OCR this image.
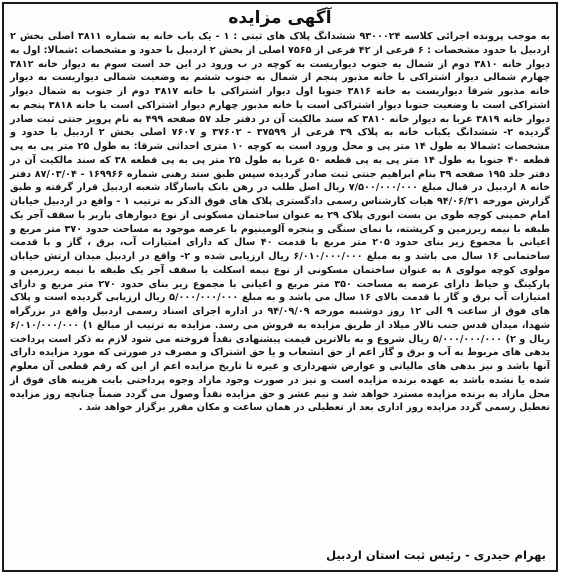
آگهی مزایده

به موجب پرونده اجرائی کلاسه ۹۳۰۰۰۲۴ ششدانگ پلاک های ثبتی : ۱ - یک باب خانه به شماره ۳۸۱۱ اصلی بخش ۲ اردبیل با حدود مشخصات : ۶ فرعی از ۴۲ فرعی از ۷۵۶۵ اصلی از بخش ۲ اردبیل با حدود و مشخصات :شمالا: اول به دیوار خانه ۳۸۱۰ دوم از شمال به جنوب دیواریست به کوچه در ب ورود در این حد است سوم به دیوار خانه ۳۸۱۲ چهارم شمالی دیوار اشتراکی با خانه مذبور پنجم از شمال به جنوب ششم به وضعیت شمالی دیواریست به دیوار خانه مذبور شرقا دیواریست به خانه ۳۸۱۶ جنوبا اول دیوار اشتراکی با خانه ۳۸۱۷ دوم از جنوب به شمال دیوار اشتراکی است با وضعیت جنوبا دیوار اشتراکی است با خانه مذبور چهارم دیوار اشتراکی است با خانه ۳۸۱۸ پنجم به دیوار خانه ۳۸۱۹ غربا به دیوار خانه ۳۸۱۰ که سند مالکیت آن در دفتر جلد ۵۷ صفحه ۴۹۹ به نام پرویز جنتی ثبت صادر گردیده ۲- ششدانگ یکباب خانه به پلاک ۳۹ فرعی از ۳۷۵۹۹ - ۳۷۶۰۲ و ۷۶۰۷ اصلی بخش ۲ اردبیل با حدود و مشخصات :شمالا به طول ۱۴ متر پی و محل ورود است به کوچه ۱۰ متری احداثی شرقا: به طول ۲۵ متر پی به پی قطعه ۴۰ جنوبا به طول ۱۴ متر پی به پی قطعه ۵۰ غربا به طول ۲۵ متر پی به پی قطعه ۳۸ که سند مالکیت آن در دفتر جلد ۱۹۵ صفحه ۳۹ بنام ابراهیم جنتی ثبت صادر گردیده سپس طبق سند رهنی شماره ۱۶۹۹۶۶ - ۸۷/۰۳/۰۴ دفتر خانه ۸ اردبیل در قبال مبلغ ۷/۵۰۰/۰۰۰/۰۰۰ ریال اصل طلب در رهن بانک پاسارگاد شعبه اردبیل قرار گرفته و طبق گزارش مورخه ۹۴/۰۶/۳۱ هیات کارشناس رسمی دادگستری پلاک های فوق الذکر به ترتیب ۱ - واقع در اردبیل خیابان امام خمینی کوچه طوی بن بست انوری پلاک ۲۹ به عنوان ساختمان مسکونی از نوع دیوارهای باربر با سقف آجر یک طبقه با نیمه زیرزمین و کرپشته، با نمای سنگی و پنجره آلومینیوم با عرصه موجود به مساحت حدود ۳۷۰ متر مربع و اعیانی با مجموع زیر بنای حدود ۲۰۵ متر مربع با قدمت ۴۰ سال که دارای امتیازات آب، برق ، گاز و با قدمت ساختمانی ۱۶ سال می باشد و به مبلغ ۶/۰۱۰/۰۰۰/۰۰۰ ریال ارزیابی شده و ۲- واقع در اردبیل میدان ارتش خیابان مولوی کوچه مولوی ۸ به عنوان ساختمان مسکونی از نوع نیمه اسکلت با سقف آجر یک طبقه با نیمه زیرزمین و پارکینگ و حیاط دارای عرصه به مساحت ۳۵۰ متر مربع و اعیانی با مجموع زیر بنای حدود ۲۷۰ متر مربع و دارای امتیازات آب برق و گاز با قدمت بالای ۱۶ سال می باشد و به مبلغ ۵/۰۰۰/۰۰۰/۰۰۰ ریال ارزیابی گردیده است و پلاک های فوق از ساعت ۹ الی ۱۲ روز دوشنبه مورخه ۹۴/۰۹/۰۹ در اداره اجرای اسناد رسمی اردبیل واقع در بزرگراه شهدا، میدان قدس جنب تالار میلاد از طریق مزایده به فروش می رسد. مزایده به ترتیب از مبالغ ۱) ۶/۰۱۰/۰۰۰/۰۰۰ ریال و ۲) ۵/۰۰۰/۰۰۰/۰۰۰ ریال شروع و به بالاترین قیمت پیشنهادی نقداً فروخته می شود لازم به ذکر است پرداخت بدهی های مربوط به آب و برق و گاز اعم از حق انشعاب و یا حق اشتراک و مصرف در صورتی که مورد مزایده دارای آنها باشد و نیز بدهی های مالیاتی و عوارض شهرداری و غیره تا تاریخ مزایده اعم از این که رقم قطعی آن معلوم شده یا نشده باشد به عهده برنده مزایده است و نیز در صورت وجود مازاد وجوه پرداختی بابت هزینه های فوق از محل مازاد به برنده مزایده مسترد خواهد شد و نیم عشر و حق مزایده نقداً وصول می گردد ضمناً چنانچه روز مزایده تعطیل رسمی گردد مزایده روز اداری بعد از تعطیلی در همان ساعت و مکان مقرر برگزار خواهد شد .

بهرام حیدری - رئیس ثبت استان اردبیل
